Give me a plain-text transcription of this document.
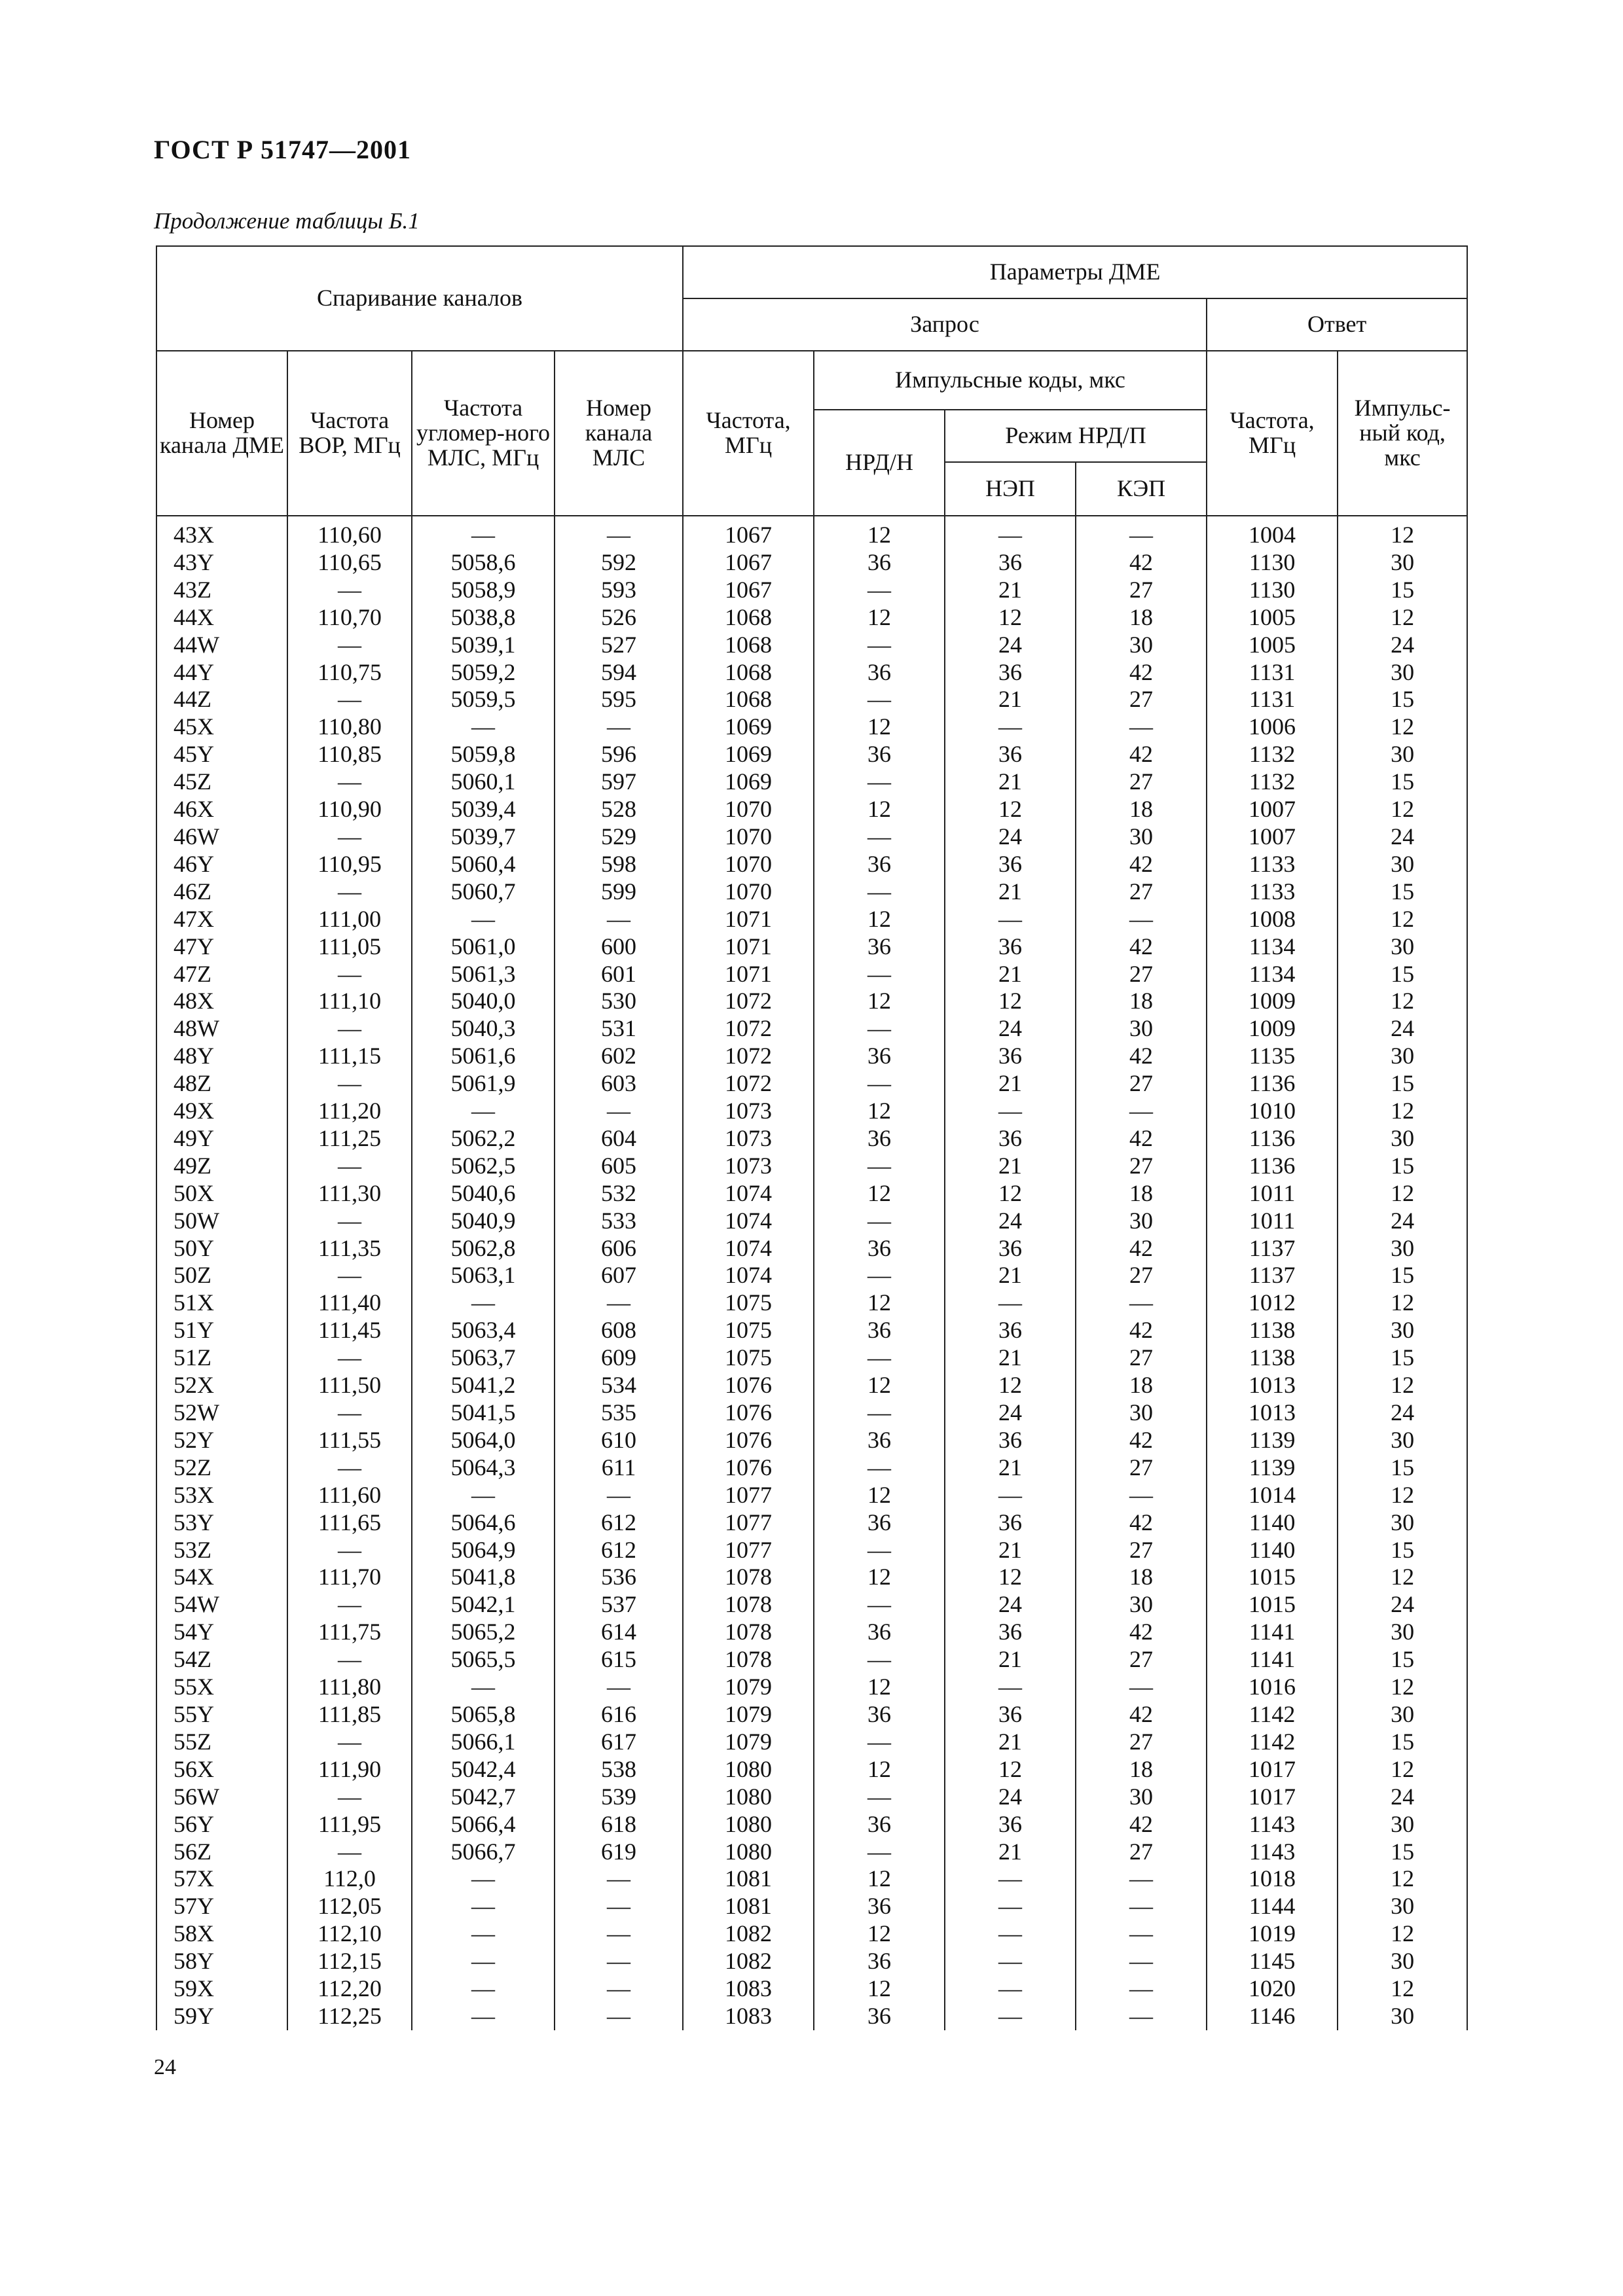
ГОСТ Р 51747—2001
Продолжение таблицы Б.1
Спаривание каналов				Параметры ДМЕ					
				Запрос				Ответ	
Номер канала ДМЕ	Частота ВОР, МГц	Частота угломер-ного МЛС, МГц	Номер канала МЛС	Частота, МГц	Импульсные коды, мкс			Частота, МГц	Импульс-ный код, мкс
					НРД/Н	Режим НРД/П			
						НЭП	КЭП		
43X	110,60	—	—	1067	12	—	—	1004	12
43Y	110,65	5058,6	592	1067	36	36	42	1130	30
43Z	—	5058,9	593	1067	—	21	27	1130	15
44X	110,70	5038,8	526	1068	12	12	18	1005	12
44W	—	5039,1	527	1068	—	24	30	1005	24
44Y	110,75	5059,2	594	1068	36	36	42	1131	30
44Z	—	5059,5	595	1068	—	21	27	1131	15
45X	110,80	—	—	1069	12	—	—	1006	12
45Y	110,85	5059,8	596	1069	36	36	42	1132	30
45Z	—	5060,1	597	1069	—	21	27	1132	15
46X	110,90	5039,4	528	1070	12	12	18	1007	12
46W	—	5039,7	529	1070	—	24	30	1007	24
46Y	110,95	5060,4	598	1070	36	36	42	1133	30
46Z	—	5060,7	599	1070	—	21	27	1133	15
47X	111,00	—	—	1071	12	—	—	1008	12
47Y	111,05	5061,0	600	1071	36	36	42	1134	30
47Z	—	5061,3	601	1071	—	21	27	1134	15
48X	111,10	5040,0	530	1072	12	12	18	1009	12
48W	—	5040,3	531	1072	—	24	30	1009	24
48Y	111,15	5061,6	602	1072	36	36	42	1135	30
48Z	—	5061,9	603	1072	—	21	27	1136	15
49X	111,20	—	—	1073	12	—	—	1010	12
49Y	111,25	5062,2	604	1073	36	36	42	1136	30
49Z	—	5062,5	605	1073	—	21	27	1136	15
50X	111,30	5040,6	532	1074	12	12	18	1011	12
50W	—	5040,9	533	1074	—	24	30	1011	24
50Y	111,35	5062,8	606	1074	36	36	42	1137	30
50Z	—	5063,1	607	1074	—	21	27	1137	15
51X	111,40	—	—	1075	12	—	—	1012	12
51Y	111,45	5063,4	608	1075	36	36	42	1138	30
51Z	—	5063,7	609	1075	—	21	27	1138	15
52X	111,50	5041,2	534	1076	12	12	18	1013	12
52W	—	5041,5	535	1076	—	24	30	1013	24
52Y	111,55	5064,0	610	1076	36	36	42	1139	30
52Z	—	5064,3	611	1076	—	21	27	1139	15
53X	111,60	—	—	1077	12	—	—	1014	12
53Y	111,65	5064,6	612	1077	36	36	42	1140	30
53Z	—	5064,9	612	1077	—	21	27	1140	15
54X	111,70	5041,8	536	1078	12	12	18	1015	12
54W	—	5042,1	537	1078	—	24	30	1015	24
54Y	111,75	5065,2	614	1078	36	36	42	1141	30
54Z	—	5065,5	615	1078	—	21	27	1141	15
55X	111,80	—	—	1079	12	—	—	1016	12
55Y	111,85	5065,8	616	1079	36	36	42	1142	30
55Z	—	5066,1	617	1079	—	21	27	1142	15
56X	111,90	5042,4	538	1080	12	12	18	1017	12
56W	—	5042,7	539	1080	—	24	30	1017	24
56Y	111,95	5066,4	618	1080	36	36	42	1143	30
56Z	—	5066,7	619	1080	—	21	27	1143	15
57X	112,0	—	—	1081	12	—	—	1018	12
57Y	112,05	—	—	1081	36	—	—	1144	30
58X	112,10	—	—	1082	12	—	—	1019	12
58Y	112,15	—	—	1082	36	—	—	1145	30
59X	112,20	—	—	1083	12	—	—	1020	12
59Y	112,25	—	—	1083	36	—	—	1146	30
24
